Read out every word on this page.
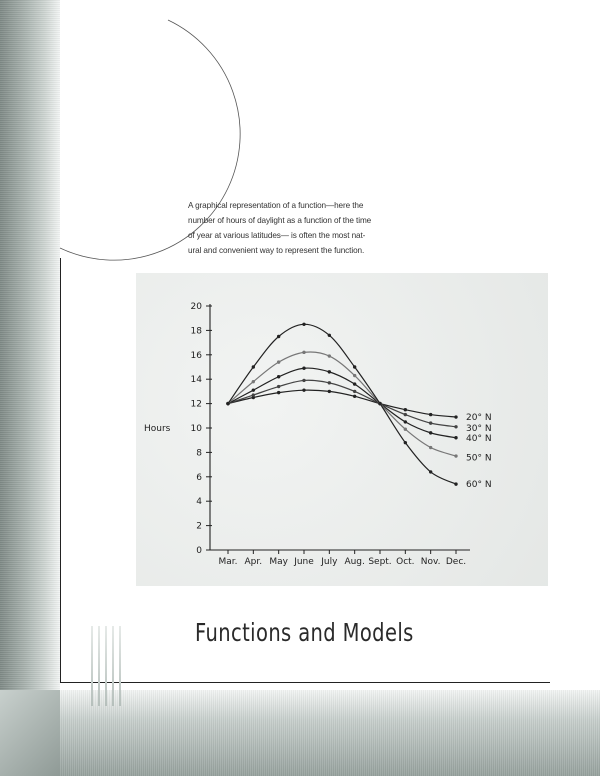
A graphical representation of a function—here the
number of hours of daylight as a function of the time
of year at various latitudes— is often the most nat-
ural and convenient way to represent the function.
0
2
4
6
8
10
12
14
16
18
20
Mar. Apr. May June July Aug. Sept. Oct. Nov. Dec.
Hours
20° N
30° N
40° N
50° N
60° N
Functions and Models
